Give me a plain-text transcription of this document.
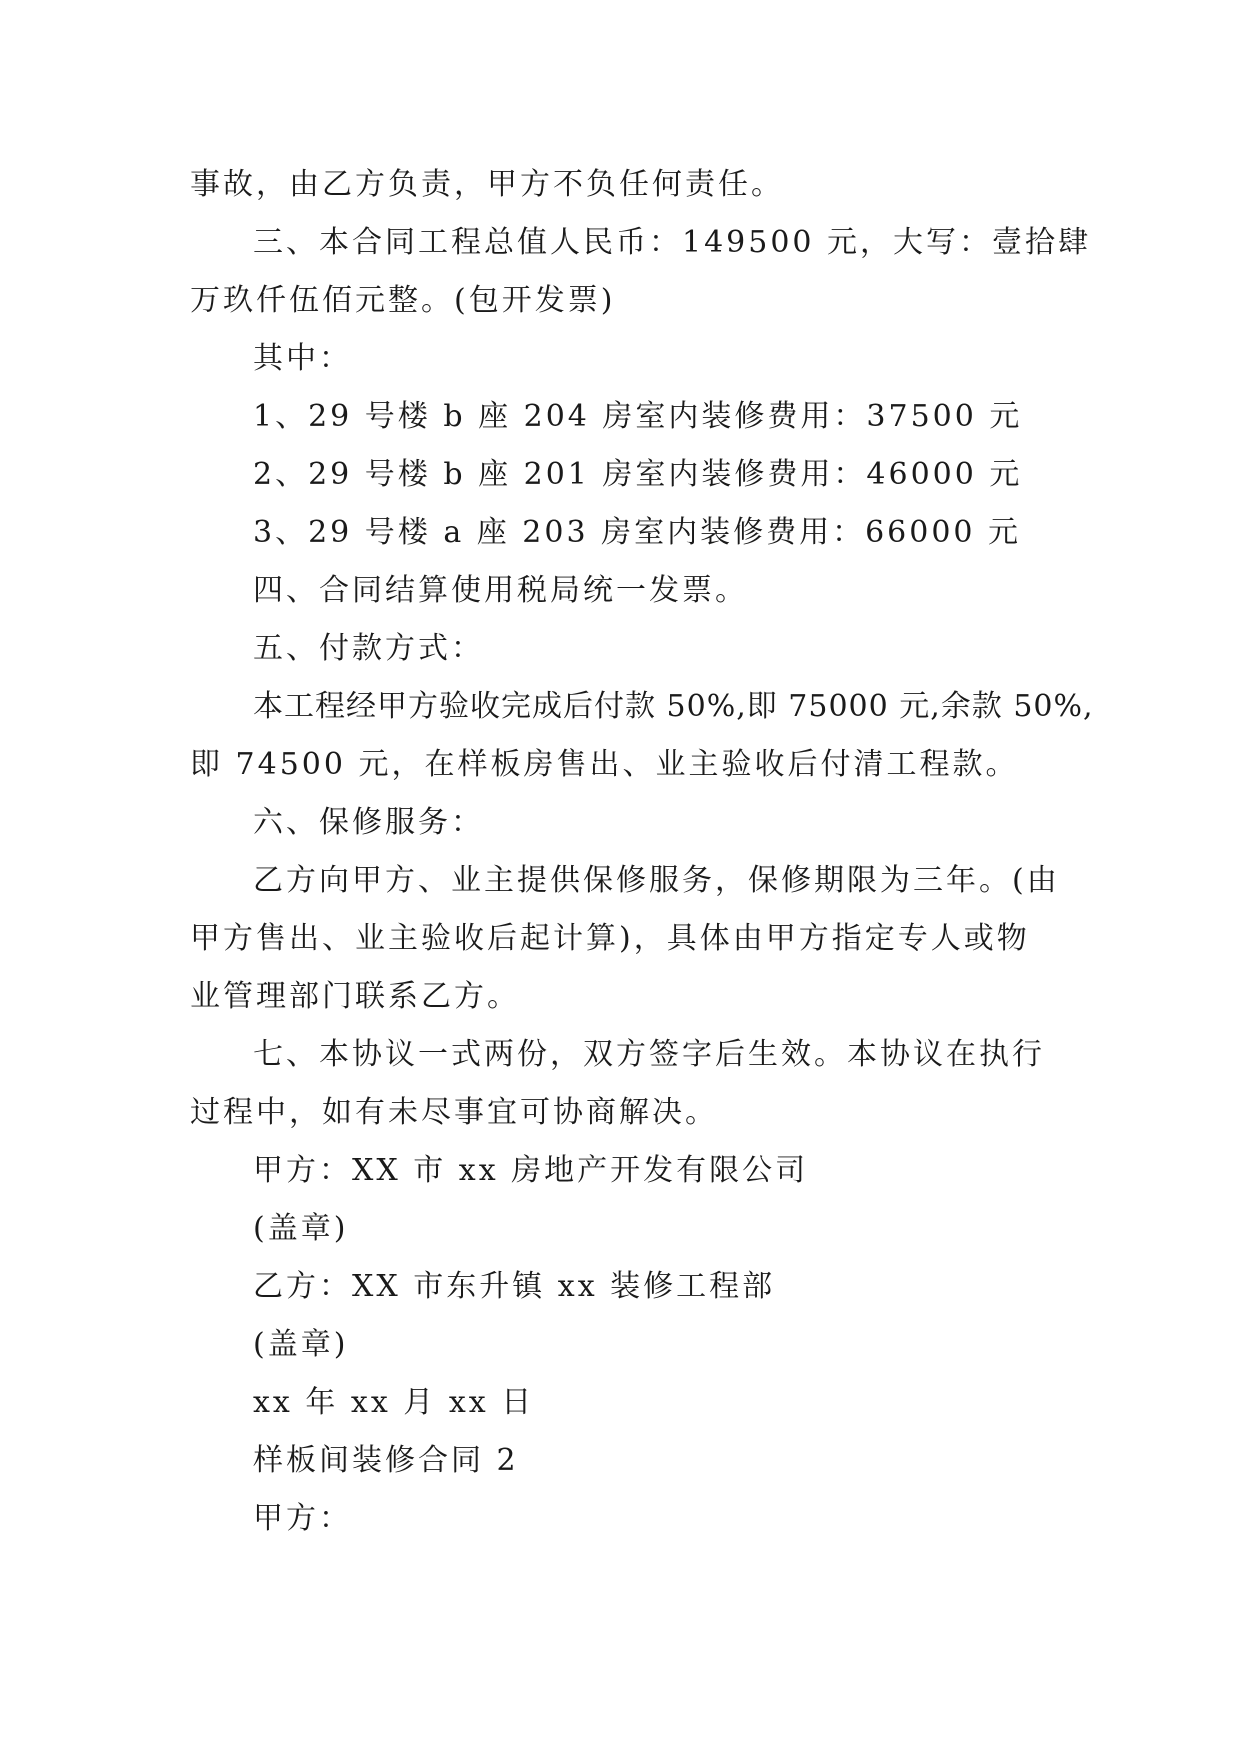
事故，由乙方负责，甲方不负任何责任。
三、本合同工程总值人民币：149500 元，大写：壹拾肆
万玖仟伍佰元整。(包开发票)
其中：
1、29 号楼 b 座 204 房室内装修费用：37500 元
2、29 号楼 b 座 201 房室内装修费用：46000 元
3、29 号楼 a 座 203 房室内装修费用：66000 元
四、合同结算使用税局统一发票。
五、付款方式：
本工程经甲方验收完成后付款 50%,即 75000 元,余款 50%,
即 74500 元，在样板房售出、业主验收后付清工程款。
六、保修服务：
乙方向甲方、业主提供保修服务，保修期限为三年。(由
甲方售出、业主验收后起计算)，具体由甲方指定专人或物
业管理部门联系乙方。
七、本协议一式两份，双方签字后生效。本协议在执行
过程中，如有未尽事宜可协商解决。
甲方：XX 市 xx 房地产开发有限公司
(盖章)
乙方：XX 市东升镇 xx 装修工程部
(盖章)
xx 年 xx 月 xx 日
样板间装修合同 2
甲方：
